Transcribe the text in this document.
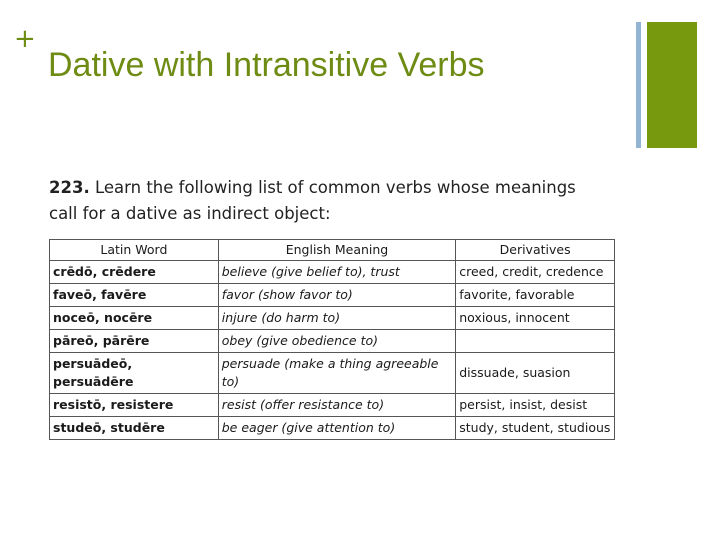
+
Dative with Intransitive Verbs
223. Learn the following list of common verbs whose meanings call for a dative as indirect object:
Latin Word	English Meaning	Derivatives
crēdō, crēdere	believe (give belief to), trust	creed, credit, credence
faveō, favēre	favor (show favor to)	favorite, favorable
noceō, nocēre	injure (do harm to)	noxious, innocent
pāreō, pārēre	obey (give obedience to)	
persuādeō, persuādēre	persuade (make a thing agreeable to)	dissuade, suasion
resistō, resistere	resist (offer resistance to)	persist, insist, desist
studeō, studēre	be eager (give attention to)	study, student, studious
